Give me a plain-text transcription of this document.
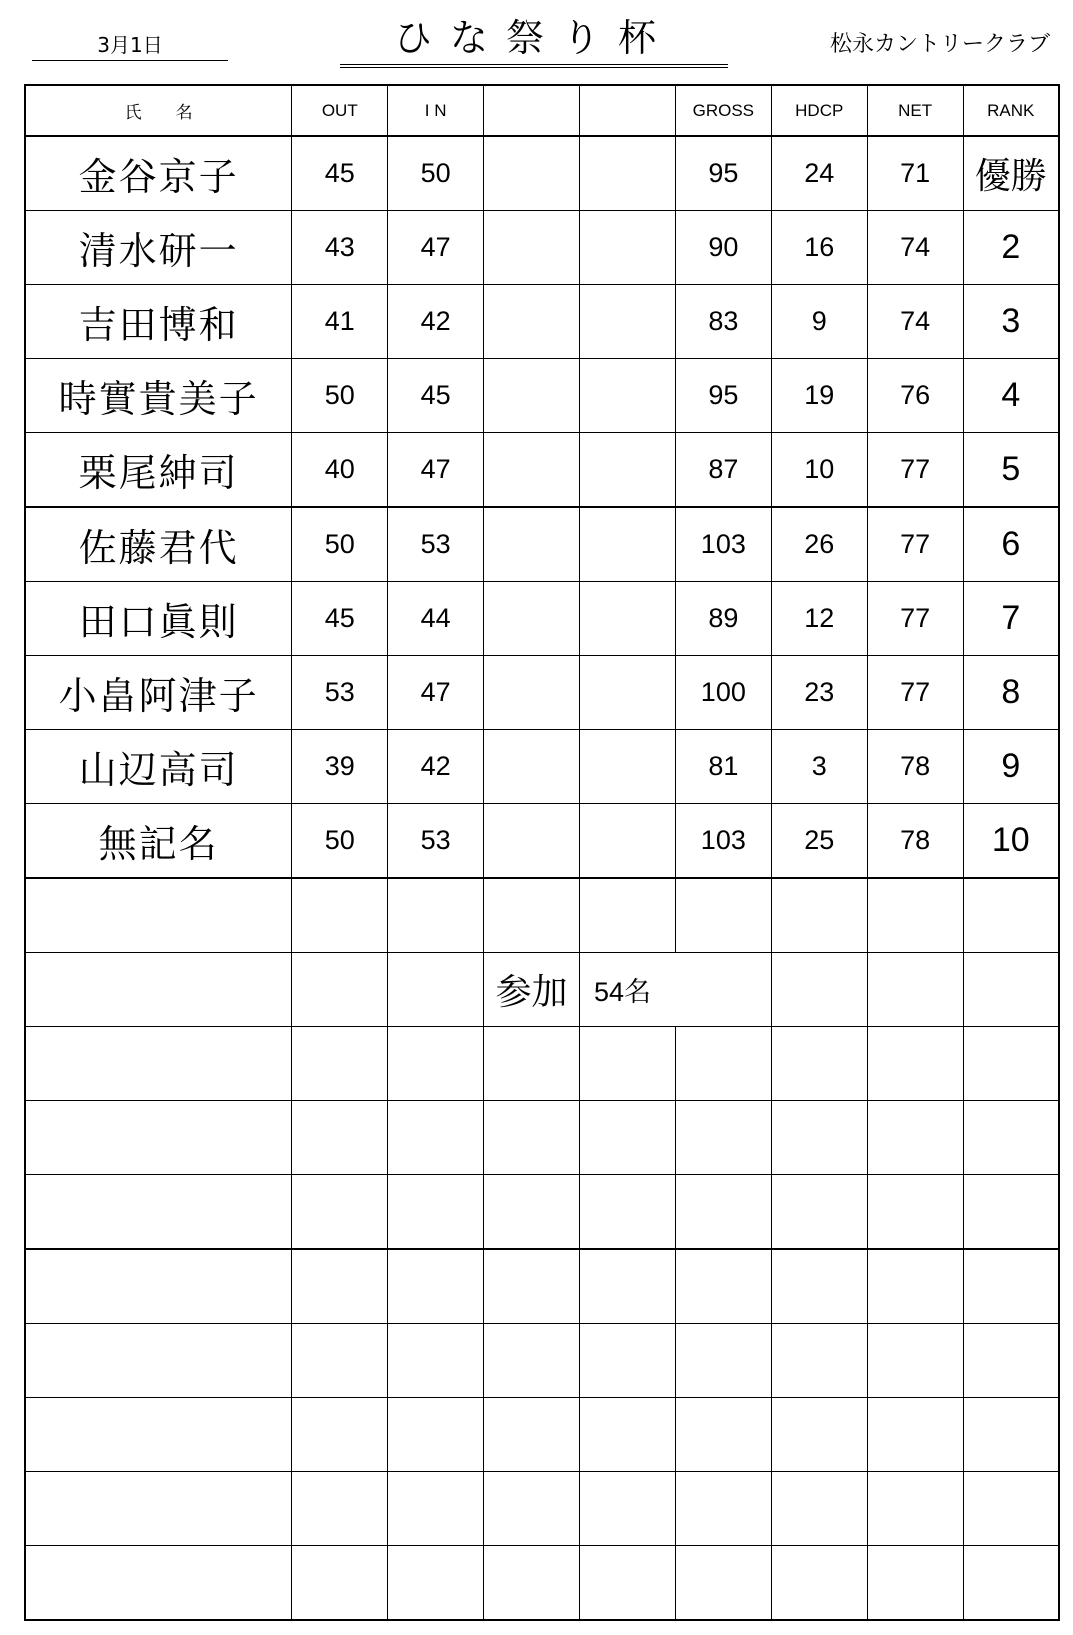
3月1日	ひな祭り杯	松永カントリークラブ
氏　　名	OUT	I N			GROSS	HDCP	NET	RANK
金谷京子	45	50			95	24	71	優勝
清水研一	43	47			90	16	74	2
吉田博和	41	42			83	9	74	3
時實貴美子	50	45			95	19	76	4
栗尾紳司	40	47			87	10	77	5
佐藤君代	50	53			103	26	77	6
田口眞則	45	44			89	12	77	7
小畠阿津子	53	47			100	23	77	8
山辺高司	39	42			81	3	78	9
無記名	50	53			103	25	78	10

			参加	54名				
